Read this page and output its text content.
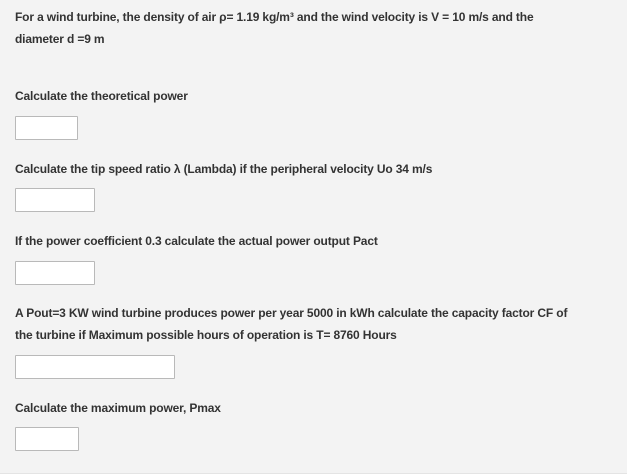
For a wind turbine, the density of air ρ= 1.19 kg/m³ and the wind velocity is V = 10 m/s and the
diameter d =9 m
Calculate the theoretical power
Calculate the tip speed ratio λ (Lambda) if the peripheral velocity Uo 34 m/s
If the power coefficient 0.3 calculate the actual power output Pact
A Pout=3 KW wind turbine produces power per year 5000 in kWh calculate the capacity factor CF of
the turbine if Maximum possible hours of operation is T= 8760 Hours
Calculate the maximum power, Pmax
